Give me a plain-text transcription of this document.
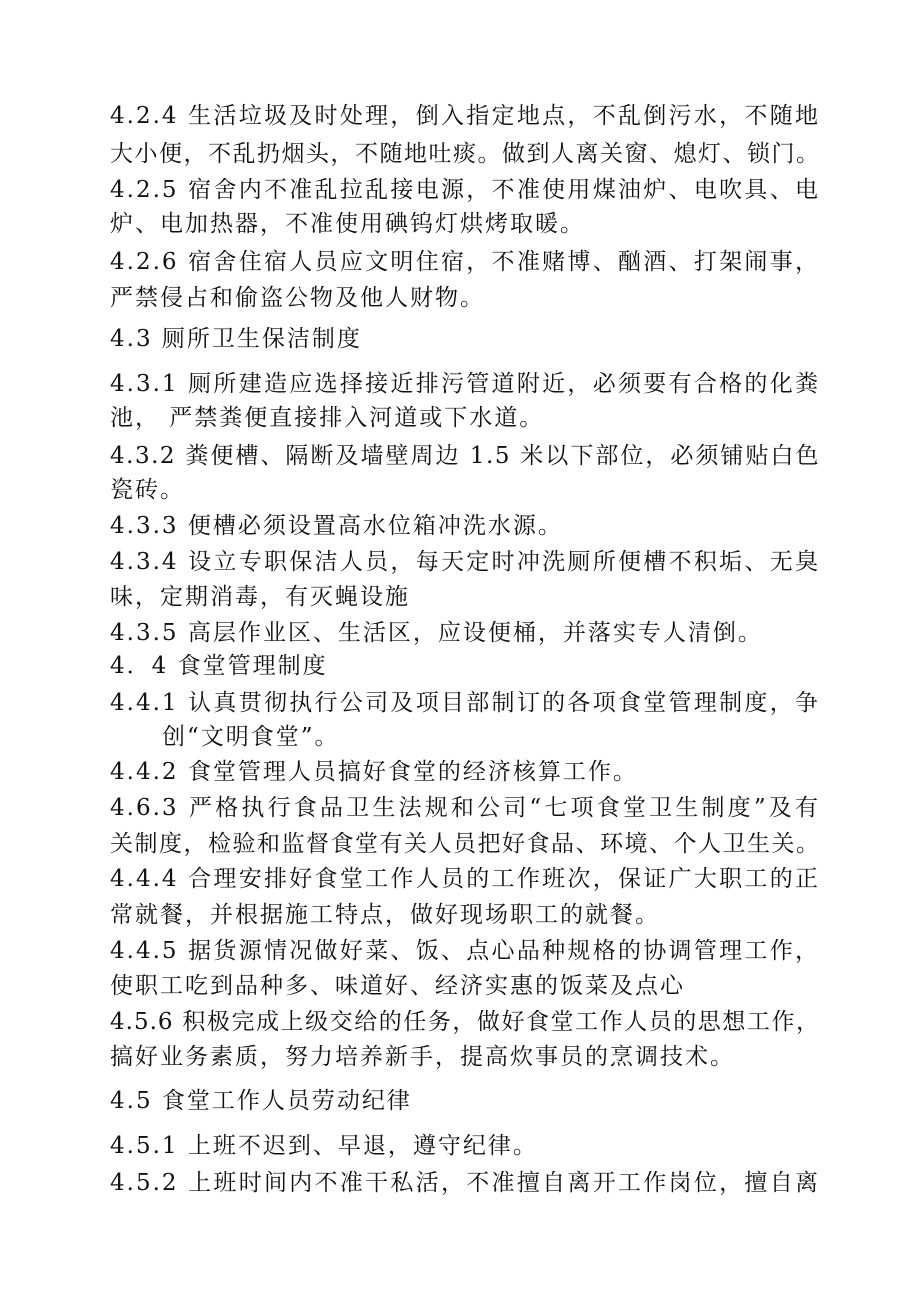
4.2.4 生活垃圾及时处理，倒入指定地点，不乱倒污水，不随地
大小便，不乱扔烟头，不随地吐痰。做到人离关窗、熄灯、锁门。
4.2.5 宿舍内不准乱拉乱接电源，不准使用煤油炉、电吹具、电
炉、电加热器，不准使用碘钨灯烘烤取暖。
4.2.6 宿舍住宿人员应文明住宿，不准赌博、酗酒、打架闹事，
严禁侵占和偷盗公物及他人财物。
4.3 厕所卫生保洁制度
4.3.1 厕所建造应选择接近排污管道附近，必须要有合格的化粪
池， 严禁粪便直接排入河道或下水道。
4.3.2 粪便槽、隔断及墙壁周边 1.5 米以下部位，必须铺贴白色
瓷砖。
4.3.3 便槽必须设置高水位箱冲洗水源。
4.3.4 设立专职保洁人员，每天定时冲洗厕所便槽不积垢、无臭
味，定期消毒，有灭蝇设施
4.3.5 高层作业区、生活区，应设便桶，并落实专人清倒。
4．4 食堂管理制度
4.4.1 认真贯彻执行公司及项目部制订的各项食堂管理制度，争
创“文明食堂”。
4.4.2 食堂管理人员搞好食堂的经济核算工作。
4.6.3 严格执行食品卫生法规和公司“七项食堂卫生制度”及有
关制度，检验和监督食堂有关人员把好食品、环境、个人卫生关。
4.4.4 合理安排好食堂工作人员的工作班次，保证广大职工的正
常就餐，并根据施工特点，做好现场职工的就餐。
4.4.5 据货源情况做好菜、饭、点心品种规格的协调管理工作，
使职工吃到品种多、味道好、经济实惠的饭菜及点心
4.5.6 积极完成上级交给的任务，做好食堂工作人员的思想工作，
搞好业务素质，努力培养新手，提高炊事员的烹调技术。
4.5 食堂工作人员劳动纪律
4.5.1 上班不迟到、早退，遵守纪律。
4.5.2 上班时间内不准干私活，不准擅自离开工作岗位，擅自离
